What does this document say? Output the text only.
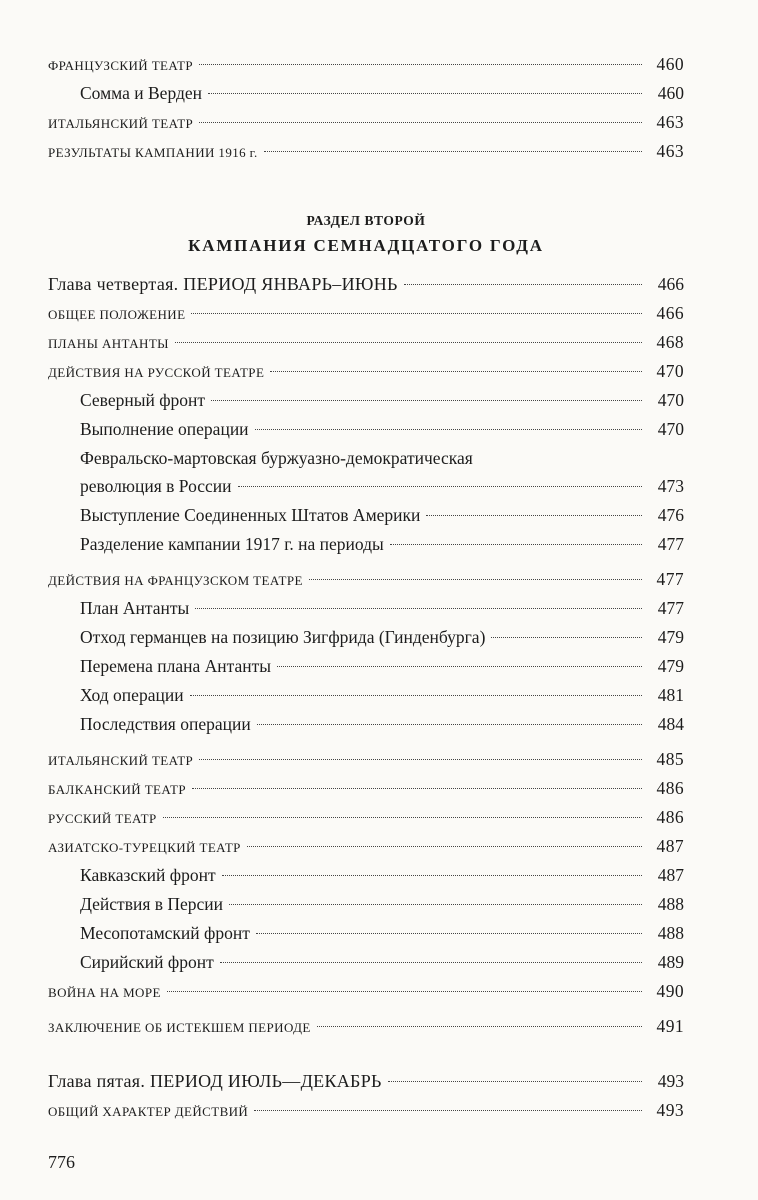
ФРАНЦУЗСКИЙ ТЕАТР	460
Сомма и Верден	460
ИТАЛЬЯНСКИЙ ТЕАТР	463
РЕЗУЛЬТАТЫ КАМПАНИИ 1916 г.	463
РАЗДЕЛ ВТОРОЙ
КАМПАНИЯ СЕМНАДЦАТОГО ГОДА
Глава четвертая. ПЕРИОД ЯНВАРЬ–ИЮНЬ	466
ОБЩЕЕ ПОЛОЖЕНИЕ	466
ПЛАНЫ АНТАНТЫ	468
ДЕЙСТВИЯ НА РУССКОЙ ТЕАТРЕ	470
Северный фронт	470
Выполнение операции	470
Февральско-мартовская буржуазно-демократическая
революция в России	473
Выступление Соединенных Штатов Америки	476
Разделение кампании 1917 г. на периоды	477
ДЕЙСТВИЯ НА ФРАНЦУЗСКОМ ТЕАТРЕ	477
План Антанты	477
Отход германцев на позицию Зигфрида (Гинденбурга)	479
Перемена плана Антанты	479
Ход операции	481
Последствия операции	484
ИТАЛЬЯНСКИЙ ТЕАТР	485
БАЛКАНСКИЙ ТЕАТР	486
РУССКИЙ ТЕАТР	486
АЗИАТСКО-ТУРЕЦКИЙ ТЕАТР	487
Кавказский фронт	487
Действия в Персии	488
Месопотамский фронт	488
Сирийский фронт	489
ВОЙНА НА МОРЕ	490
ЗАКЛЮЧЕНИЕ ОБ ИСТЕКШЕМ ПЕРИОДЕ	491
Глава пятая. ПЕРИОД ИЮЛЬ—ДЕКАБРЬ	493
ОБЩИЙ ХАРАКТЕР ДЕЙСТВИЙ	493
776
